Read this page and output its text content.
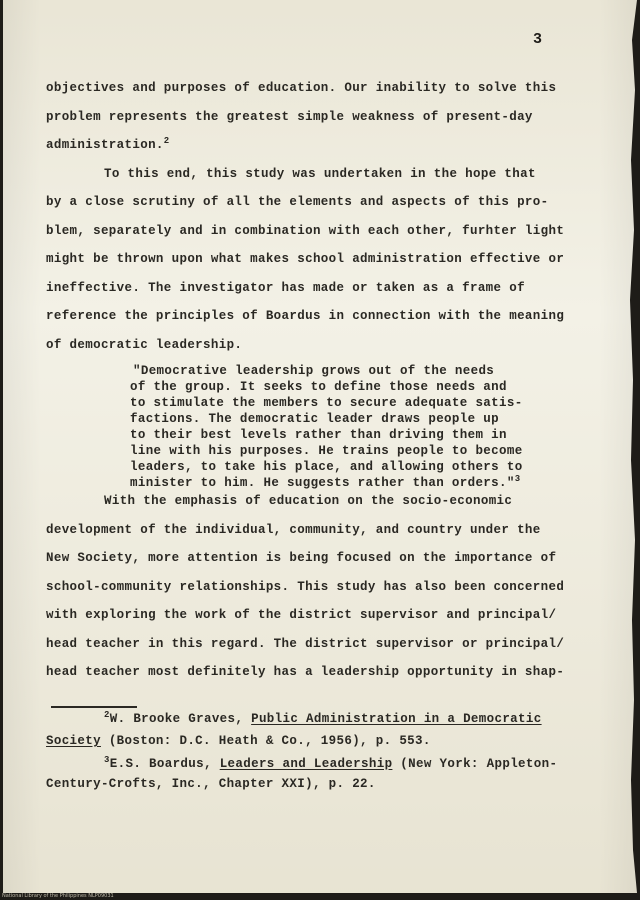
3
objectives and purposes of education. Our inability to solve this
problem represents the greatest simple weakness of present-day
administration.$^2$
To this end, this study was undertaken in the hope that
by a close scrutiny of all the elements and aspects of this pro-
blem, separately and in combination with each other, furhter light
might be thrown upon what makes school administration effective or
ineffective. The investigator has made or taken as a frame of
reference the principles of Boardus in connection with the meaning
of democratic leadership.
"Democrative leadership grows out of the needs
of the group. It seeks to define those needs and
to stimulate the members to secure adequate satis-
factions. The democratic leader draws people up
to their best levels rather than driving them in
line with his purposes. He trains people to become
leaders, to take his place, and allowing others to
minister to him. He suggests rather than orders."$^3$
With the emphasis of education on the socio-economic
development of the individual, community, and country under the
New Society, more attention is being focused on the importance of
school-community relationships. This study has also been concerned
with exploring the work of the district supervisor and principal/
head teacher in this regard. The district supervisor or principal/
head teacher most definitely has a leadership opportunity in shap-
$^2$W. Brooke Graves, Public Administration in a Democratic
Society (Boston: D.C. Heath & Co., 1956), p. 553.
$^3$E.S. Boardus, Leaders and Leadership (New York: Appleton-
Century-Crofts, Inc., Chapter XXI), p. 22.
National Library of the Philippines NLP09031
